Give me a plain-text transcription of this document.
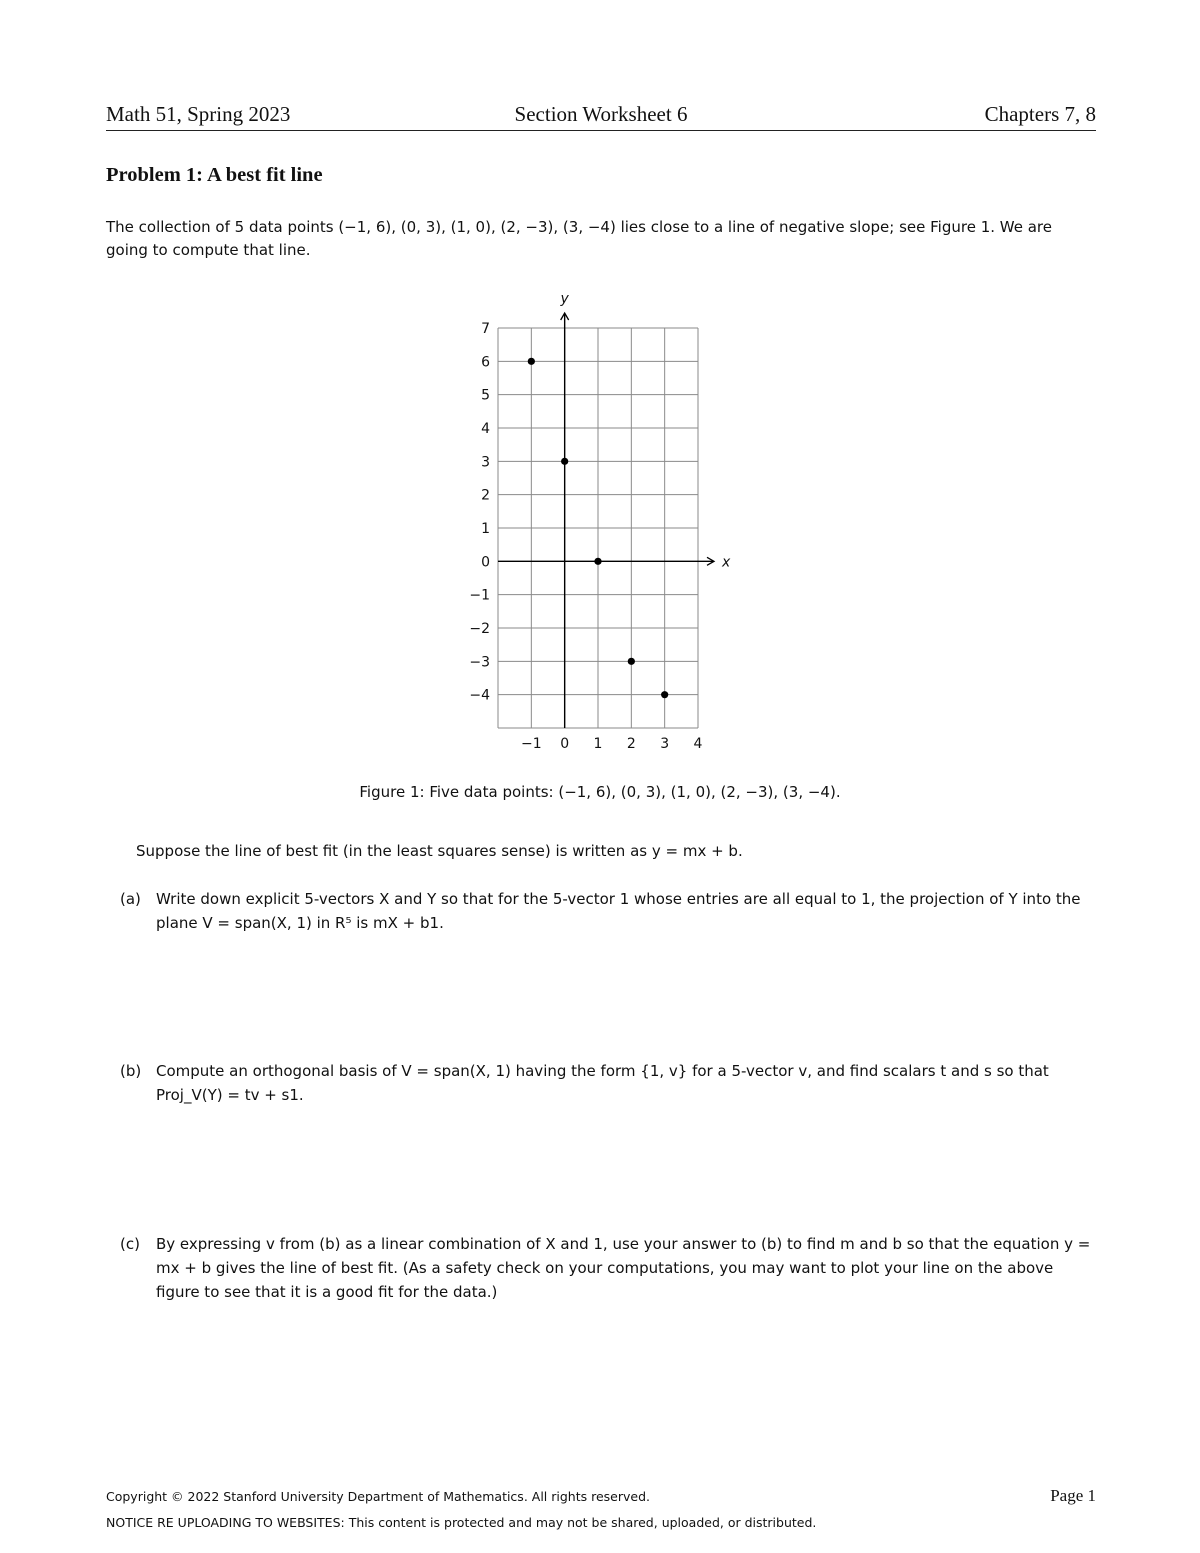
Math 51, Spring 2023	Section Worksheet 6	Chapters 7, 8
Problem 1: A best fit line
The collection of 5 data points (−1, 6), (0, 3), (1, 0), (2, −3), (3, −4) lies close to a line of negative slope; see Figure 1. We are going to compute that line.
y
x
7
6
5
4
3
2
1
0
−1
−2
−3
−4
−1 0 1 2 3 4
Figure 1: Five data points: (−1, 6), (0, 3), (1, 0), (2, −3), (3, −4).
Suppose the line of best fit (in the least squares sense) is written as y = mx + b.
(a) Write down explicit 5-vectors X and Y so that for the 5-vector 1 whose entries are all equal to 1, the projection of Y into the plane V = span(X, 1) in R⁵ is mX + b1.
(b) Compute an orthogonal basis of V = span(X, 1) having the form {1, v} for a 5-vector v, and find scalars t and s so that Proj_V(Y) = tv + s1.
(c) By expressing v from (b) as a linear combination of X and 1, use your answer to (b) to find m and b so that the equation y = mx + b gives the line of best fit. (As a safety check on your computations, you may want to plot your line on the above figure to see that it is a good fit for the data.)
Copyright © 2022 Stanford University Department of Mathematics. All rights reserved.
NOTICE RE UPLOADING TO WEBSITES: This content is protected and may not be shared, uploaded, or distributed.
Page 1
